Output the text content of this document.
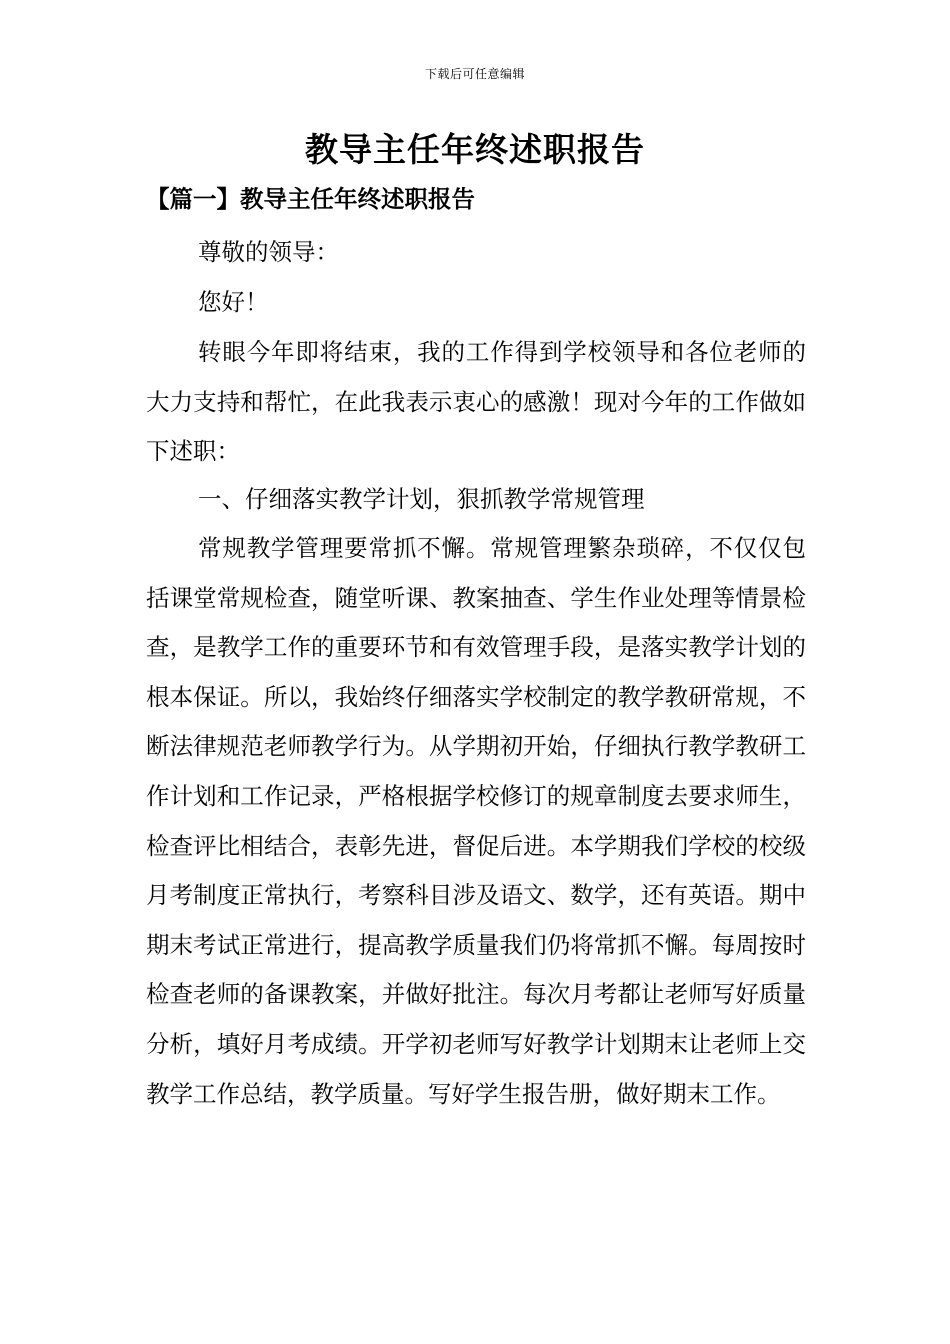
下载后可任意编辑
教导主任年终述职报告
【篇一】教导主任年终述职报告

尊敬的领导：

您好！

转眼今年即将结束，我的工作得到学校领导和各位老师的大力支持和帮忙，在此我表示衷心的感激！现对今年的工作做如下述职：

一、仔细落实教学计划，狠抓教学常规管理

常规教学管理要常抓不懈。常规管理繁杂琐碎，不仅仅包括课堂常规检查，随堂听课、教案抽查、学生作业处理等情景检查，是教学工作的重要环节和有效管理手段，是落实教学计划的根本保证。所以，我始终仔细落实学校制定的教学教研常规，不断法律规范老师教学行为。从学期初开始，仔细执行教学教研工作计划和工作记录，严格根据学校修订的规章制度去要求师生，检查评比相结合，表彰先进，督促后进。本学期我们学校的校级月考制度正常执行，考察科目涉及语文、数学，还有英语。期中期末考试正常进行，提高教学质量我们仍将常抓不懈。每周按时检查老师的备课教案，并做好批注。每次月考都让老师写好质量分析，填好月考成绩。开学初老师写好教学计划期末让老师上交教学工作总结，教学质量。写好学生报告册，做好期末工作。
